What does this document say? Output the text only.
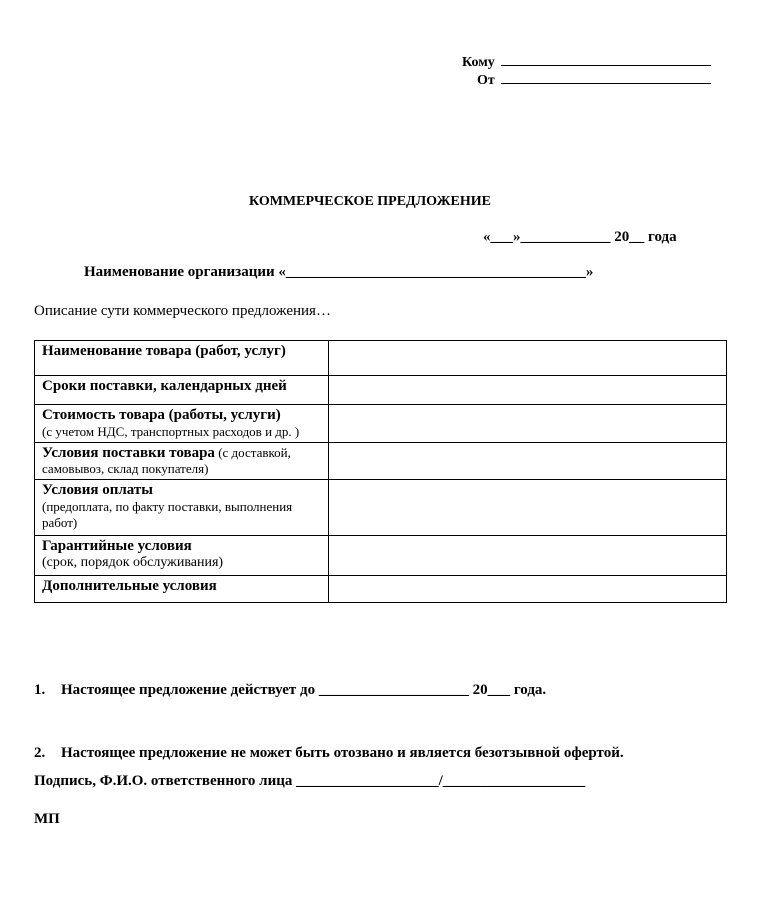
Кому

От

КОММЕРЧЕСКОЕ ПРЕДЛОЖЕНИЕ
«___»____________ 20__ года
Наименование организации «________________________________________»
Описание сути коммерческого предложения…
Наименование товара (работ, услуг)	

Сроки поставки, календарных дней	

Стоимость товара (работы, услуги)
(с учетом НДС, транспортных расходов и др. )	

Условия поставки товара (с доставкой, самовывоз, склад покупателя)	

Условия оплаты
(предоплата, по факту поставки, выполнения работ)	

Гарантийные условия
(срок, порядок обслуживания)	

Дополнительные условия	

1. Настоящее предложение действует до ____________________ 20___ года.

2. Настоящее предложение не может быть отозвано и является безотзывной офертой.

Подпись, Ф.И.О. ответственного лица ___________________/___________________
МП
